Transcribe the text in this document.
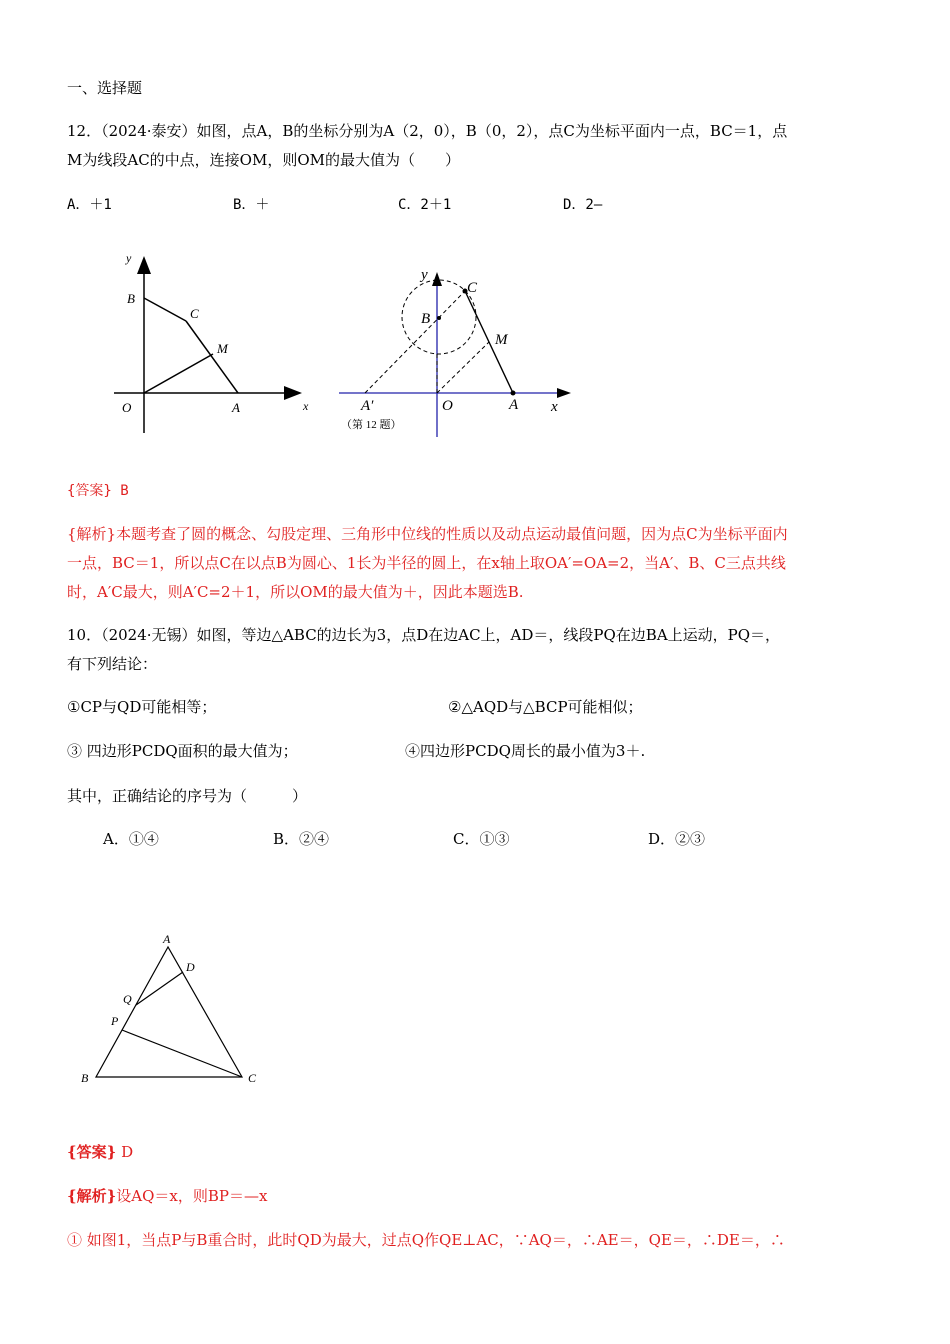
一、选择题
12．（2024·泰安）如图，点A，B的坐标分别为A（2，0），B（0，2），点C为坐标平面内一点，BC＝1，点
M为线段AC的中点，连接OM，则OM的最大值为（　　）
A．＋1	B．＋	C．2＋1	D．2—
y
B
C
M
O	A	x
y
C
B
M
A′	O	A x
（第 12 题）
{答案} B
{解析}本题考查了圆的概念、勾股定理、三角形中位线的性质以及动点运动最值问题，因为点C为坐标平面内
一点，BC＝1，所以点C在以点B为圆心、1长为半径的圆上，在x轴上取OA′=OA=2，当A′、B、C三点共线
时，A′C最大，则A′C=2＋1，所以OM的最大值为＋，因此本题选B.
10．（2024·无锡）如图，等边△ABC的边长为3，点D在边AC上，AD＝，线段PQ在边BA上运动，PQ＝，
有下列结论：
①CP与QD可能相等；	②△AQD与△BCP可能相似；
③ 四边形PCDQ面积的最大值为；	④四边形PCDQ周长的最小值为3＋.
其中，正确结论的序号为（　　　）
A．①④	B．②④	C．①③	D．②③
A
D
Q
P
B	C
{答案} D
{解析}设AQ＝x，则BP＝—x
① 如图1，当点P与B重合时，此时QD为最大，过点Q作QE⊥AC，∵AQ＝，∴AE＝，QE＝，∴DE＝，∴
